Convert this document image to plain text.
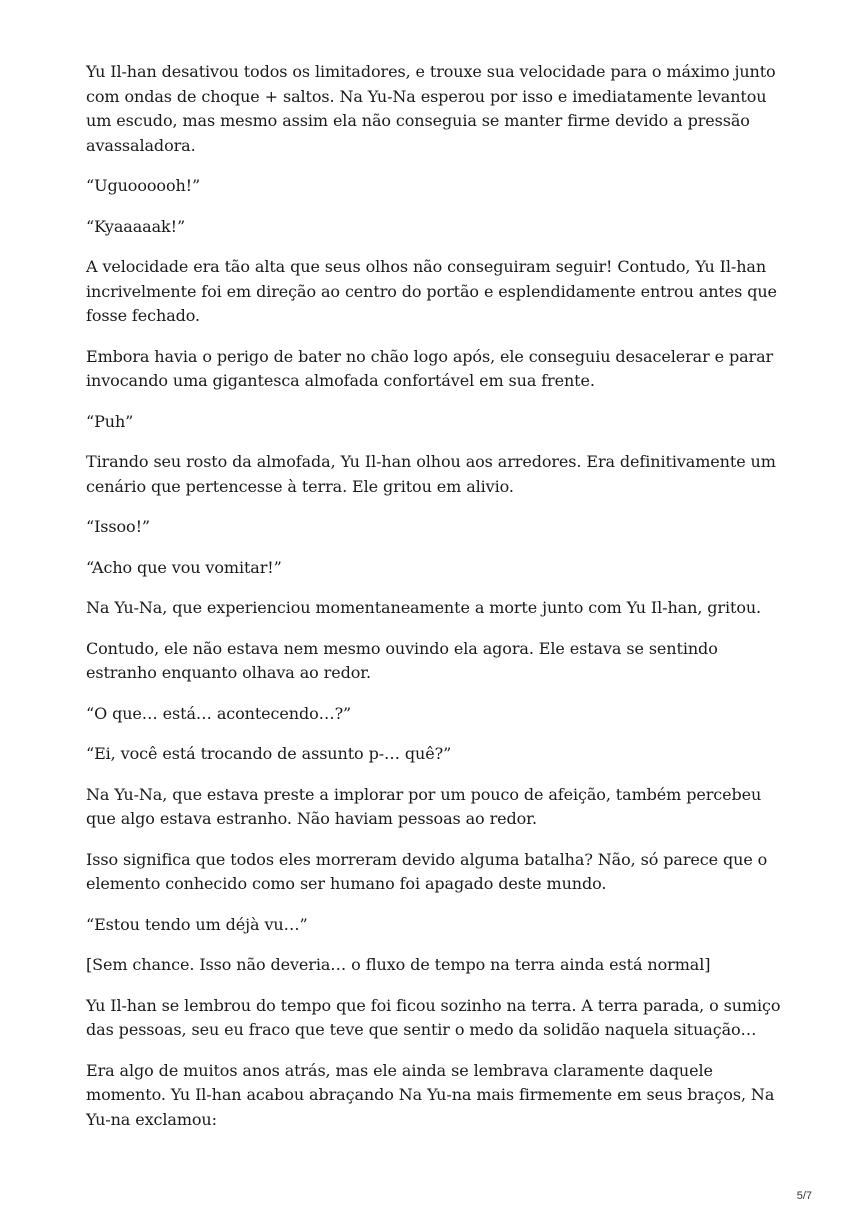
Yu Il-han desativou todos os limitadores, e trouxe sua velocidade para o máximo junto com ondas de choque + saltos. Na Yu-Na esperou por isso e imediatamente levantou um escudo, mas mesmo assim ela não conseguia se manter firme devido a pressão avassaladora.

“Uguoooooh!”

“Kyaaaaak!”

A velocidade era tão alta que seus olhos não conseguiram seguir! Contudo, Yu Il-han incrivelmente foi em direção ao centro do portão e esplendidamente entrou antes que fosse fechado.

Embora havia o perigo de bater no chão logo após, ele conseguiu desacelerar e parar invocando uma gigantesca almofada confortável em sua frente.

“Puh”

Tirando seu rosto da almofada, Yu Il-han olhou aos arredores. Era definitivamente um cenário que pertencesse à terra. Ele gritou em alivio.

“Issoo!”

“Acho que vou vomitar!”

Na Yu-Na, que experienciou momentaneamente a morte junto com Yu Il-han, gritou.

Contudo, ele não estava nem mesmo ouvindo ela agora. Ele estava se sentindo estranho enquanto olhava ao redor.

“O que… está… acontecendo…?”

“Ei, você está trocando de assunto p-… quê?”

Na Yu-Na, que estava preste a implorar por um pouco de afeição, também percebeu que algo estava estranho. Não haviam pessoas ao redor.

Isso significa que todos eles morreram devido alguma batalha? Não, só parece que o elemento conhecido como ser humano foi apagado deste mundo.

“Estou tendo um déjà vu…”

[Sem chance. Isso não deveria… o fluxo de tempo na terra ainda está normal]

Yu Il-han se lembrou do tempo que foi ficou sozinho na terra. A terra parada, o sumiço das pessoas, seu eu fraco que teve que sentir o medo da solidão naquela situação…

Era algo de muitos anos atrás, mas ele ainda se lembrava claramente daquele momento. Yu Il-han acabou abraçando Na Yu-na mais firmemente em seus braços, Na Yu-na exclamou:

5/7
